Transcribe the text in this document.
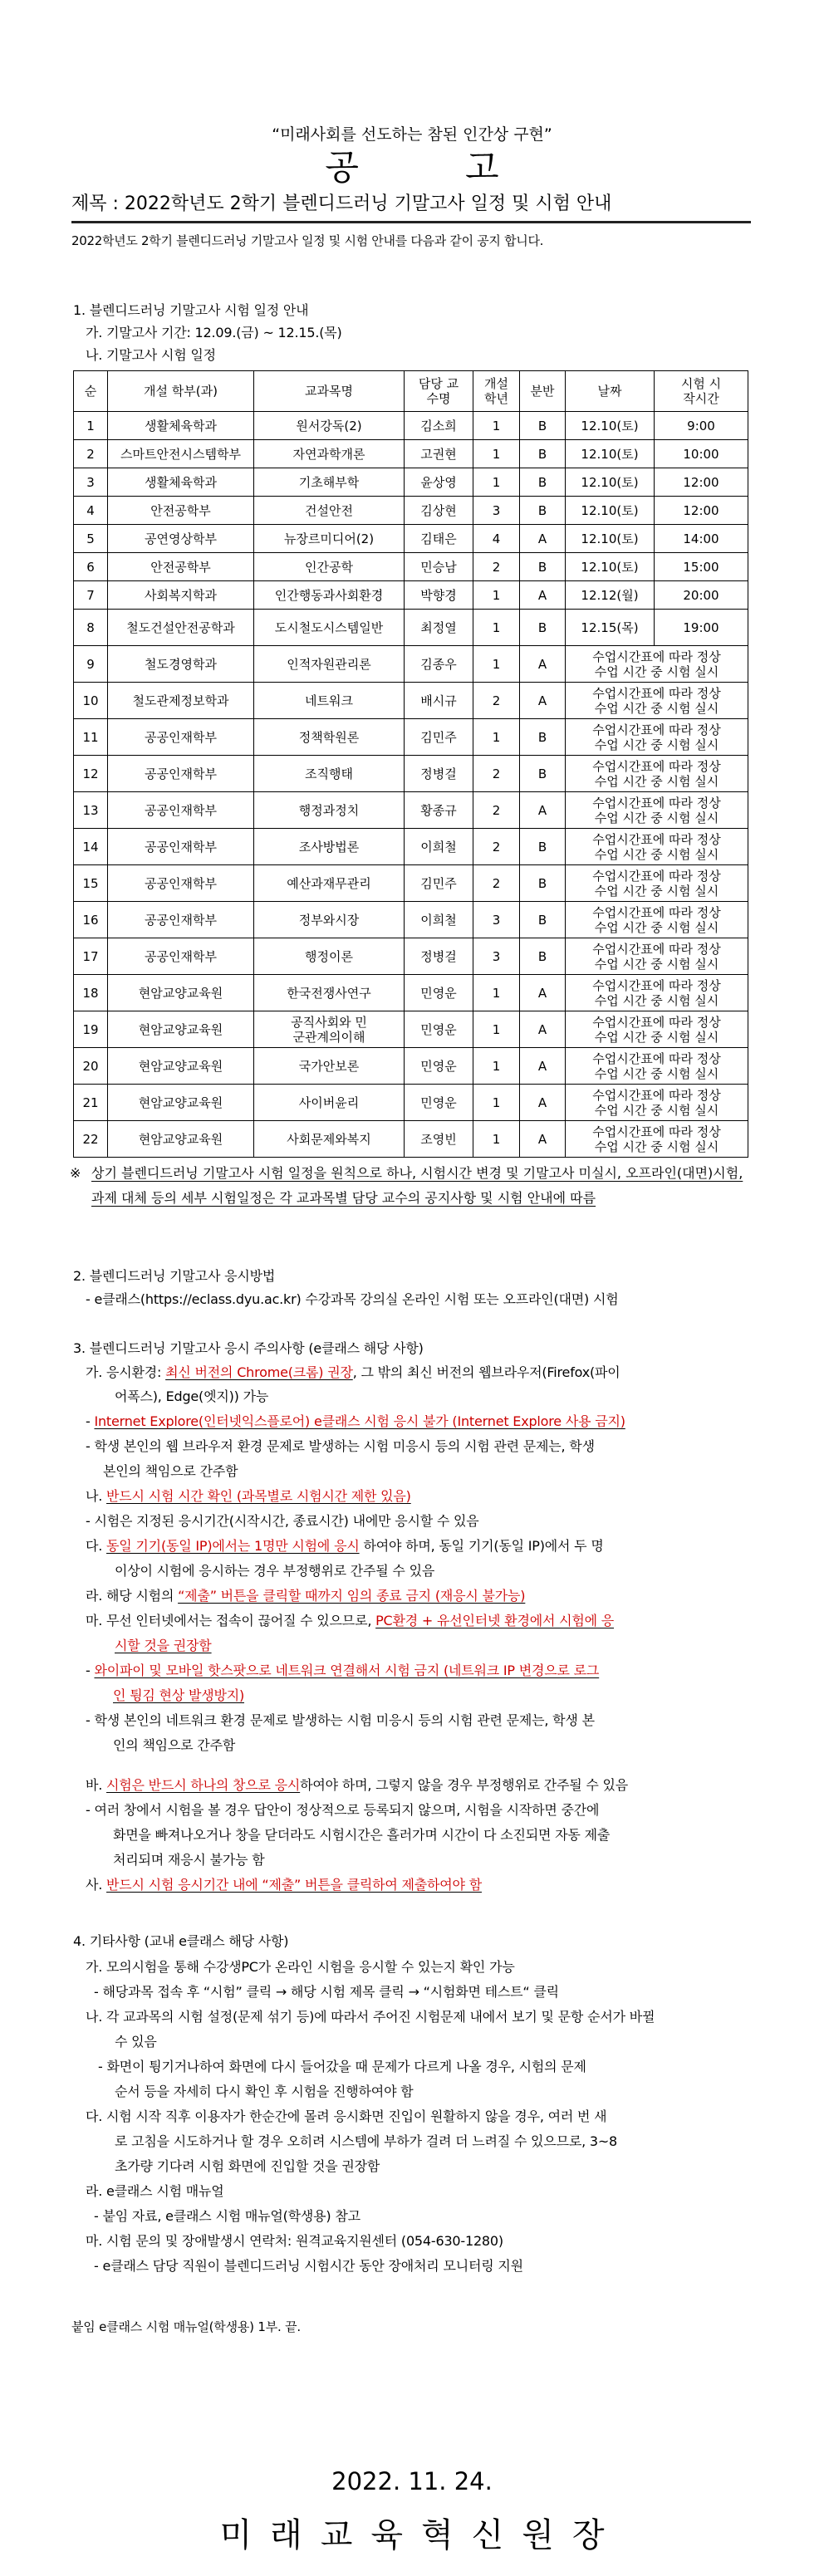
“미래사회를 선도하는 참된 인간상 구현”
공	고
제목 : 2022학년도 2학기 블렌디드러닝 기말고사 일정 및 시험 안내
2022학년도 2학기 블렌디드러닝 기말고사 일정 및 시험 안내를 다음과 같이 공지 합니다.
1. 블렌디드러닝 기말고사 시험 일정 안내
가. 기말고사 기간: 12.09.(금) ~ 12.15.(목)
나. 기말고사 시험 일정
순	개설 학부(과)	교과목명	담당 교수명	개설 학년	분반	날짜	시험 시작시간
1	생활체육학과	원서강독(2)	김소희	1	B	12.10(토)	9:00
2	스마트안전시스템학부	자연과학개론	고권현	1	B	12.10(토)	10:00
3	생활체육학과	기초해부학	윤상영	1	B	12.10(토)	12:00
4	안전공학부	건설안전	김상현	3	B	12.10(토)	12:00
5	공연영상학부	뉴장르미디어(2)	김태은	4	A	12.10(토)	14:00
6	안전공학부	인간공학	민승남	2	B	12.10(토)	15:00
7	사회복지학과	인간행동과사회환경	박향경	1	A	12.12(월)	20:00
8	철도건설안전공학과	도시철도시스템일반	최정열	1	B	12.15(목)	19:00
9	철도경영학과	인적자원관리론	김종우	1	A	수업시간표에 따라 정상
수업 시간 중 시험 실시	

10	철도관제정보학과	네트워크	배시규	2	A	수업시간표에 따라 정상
수업 시간 중 시험 실시	

11	공공인재학부	정책학원론	김민주	1	B	수업시간표에 따라 정상
수업 시간 중 시험 실시	

12	공공인재학부	조직행태	정병걸	2	B	수업시간표에 따라 정상
수업 시간 중 시험 실시	

13	공공인재학부	행정과정치	황종규	2	A	수업시간표에 따라 정상
수업 시간 중 시험 실시	

14	공공인재학부	조사방법론	이희철	2	B	수업시간표에 따라 정상
수업 시간 중 시험 실시	

15	공공인재학부	예산과재무관리	김민주	2	B	수업시간표에 따라 정상
수업 시간 중 시험 실시	

16	공공인재학부	정부와시장	이희철	3	B	수업시간표에 따라 정상
수업 시간 중 시험 실시	

17	공공인재학부	행정이론	정병걸	3	B	수업시간표에 따라 정상
수업 시간 중 시험 실시	

18	현암교양교육원	한국전쟁사연구	민영운	1	A	수업시간표에 따라 정상
수업 시간 중 시험 실시	

19	현암교양교육원	공직사회와 민군관계의이해	민영운	1	A	수업시간표에 따라 정상
수업 시간 중 시험 실시	

20	현암교양교육원	국가안보론	민영운	1	A	수업시간표에 따라 정상
수업 시간 중 시험 실시	

21	현암교양교육원	사이버윤리	민영운	1	A	수업시간표에 따라 정상
수업 시간 중 시험 실시	

22	현암교양교육원	사회문제와복지	조영빈	1	A	수업시간표에 따라 정상
수업 시간 중 시험 실시	
※ 상기 블렌디드러닝 기말고사 시험 일정을 원칙으로 하나, 시험시간 변경 및 기말고사 미실시, 오프라인(대면)시험, 과제 대체 등의 세부 시험일정은 각 교과목별 담당 교수의 공지사항 및 시험 안내에 따름
2. 블렌디드러닝 기말고사 응시방법
- e클래스(https://eclass.dyu.ac.kr) 수강과목 강의실 온라인 시험 또는 오프라인(대면) 시험
3. 블렌디드러닝 기말고사 응시 주의사항 (e클래스 해당 사항)
가. 응시환경: 최신 버전의 Chrome(크롬) 권장, 그 밖의 최신 버전의 웹브라우저(Firefox(파이
어폭스), Edge(엣지)) 가능
- Internet Explore(인터넷익스플로어) e클래스 시험 응시 불가 (Internet Explore 사용 금지)
- 학생 본인의 웹 브라우저 환경 문제로 발생하는 시험 미응시 등의 시험 관련 문제는, 학생
본인의 책임으로 간주함
나. 반드시 시험 시간 확인 (과목별로 시험시간 제한 있음)
- 시험은 지정된 응시기간(시작시간, 종료시간) 내에만 응시할 수 있음
다. 동일 기기(동일 IP)에서는 1명만 시험에 응시 하여야 하며, 동일 기기(동일 IP)에서 두 명
이상이 시험에 응시하는 경우 부정행위로 간주될 수 있음
라. 해당 시험의 “제출” 버튼을 클릭할 때까지 임의 종료 금지 (재응시 불가능)
마. 무선 인터넷에서는 접속이 끊어질 수 있으므로, PC환경 + 유선인터넷 환경에서 시험에 응
시할 것을 권장함
- 와이파이 및 모바일 핫스팟으로 네트워크 연결해서 시험 금지 (네트워크 IP 변경으로 로그
인 튕김 현상 발생방지)
- 학생 본인의 네트워크 환경 문제로 발생하는 시험 미응시 등의 시험 관련 문제는, 학생 본
인의 책임으로 간주함
바. 시험은 반드시 하나의 창으로 응시하여야 하며, 그렇지 않을 경우 부정행위로 간주될 수 있음
- 여러 창에서 시험을 볼 경우 답안이 정상적으로 등록되지 않으며, 시험을 시작하면 중간에
화면을 빠져나오거나 창을 닫더라도 시험시간은 흘러가며 시간이 다 소진되면 자동 제출
처리되며 재응시 불가능 함
사. 반드시 시험 응시기간 내에 “제출” 버튼을 클릭하여 제출하여야 함
4. 기타사항 (교내 e클래스 해당 사항)
가. 모의시험을 통해 수강생PC가 온라인 시험을 응시할 수 있는지 확인 가능
- 해당과목 접속 후 “시험” 클릭 → 해당 시험 제목 클릭 → “시험화면 테스트“ 클릭
나. 각 교과목의 시험 설정(문제 섞기 등)에 따라서 주어진 시험문제 내에서 보기 및 문항 순서가 바뀔
수 있음
- 화면이 튕기거나하여 화면에 다시 들어갔을 때 문제가 다르게 나올 경우, 시험의 문제
순서 등을 자세히 다시 확인 후 시험을 진행하여야 함
다. 시험 시작 직후 이용자가 한순간에 몰려 응시화면 진입이 원활하지 않을 경우, 여러 번 새
로 고침을 시도하거나 할 경우 오히려 시스템에 부하가 걸려 더 느려질 수 있으므로, 3~8
초가량 기다려 시험 화면에 진입할 것을 권장함
라. e클래스 시험 매뉴얼
- 붙임 자료, e클래스 시험 매뉴얼(학생용) 참고
마. 시험 문의 및 장애발생시 연락처: 원격교육지원센터 (054-630-1280)
- e클래스 담당 직원이 블렌디드러닝 시험시간 동안 장애처리 모니터링 지원
붙임 e클래스 시험 매뉴얼(학생용) 1부. 끝.
2022. 11. 24.
미 래 교 육 혁 신 원 장
